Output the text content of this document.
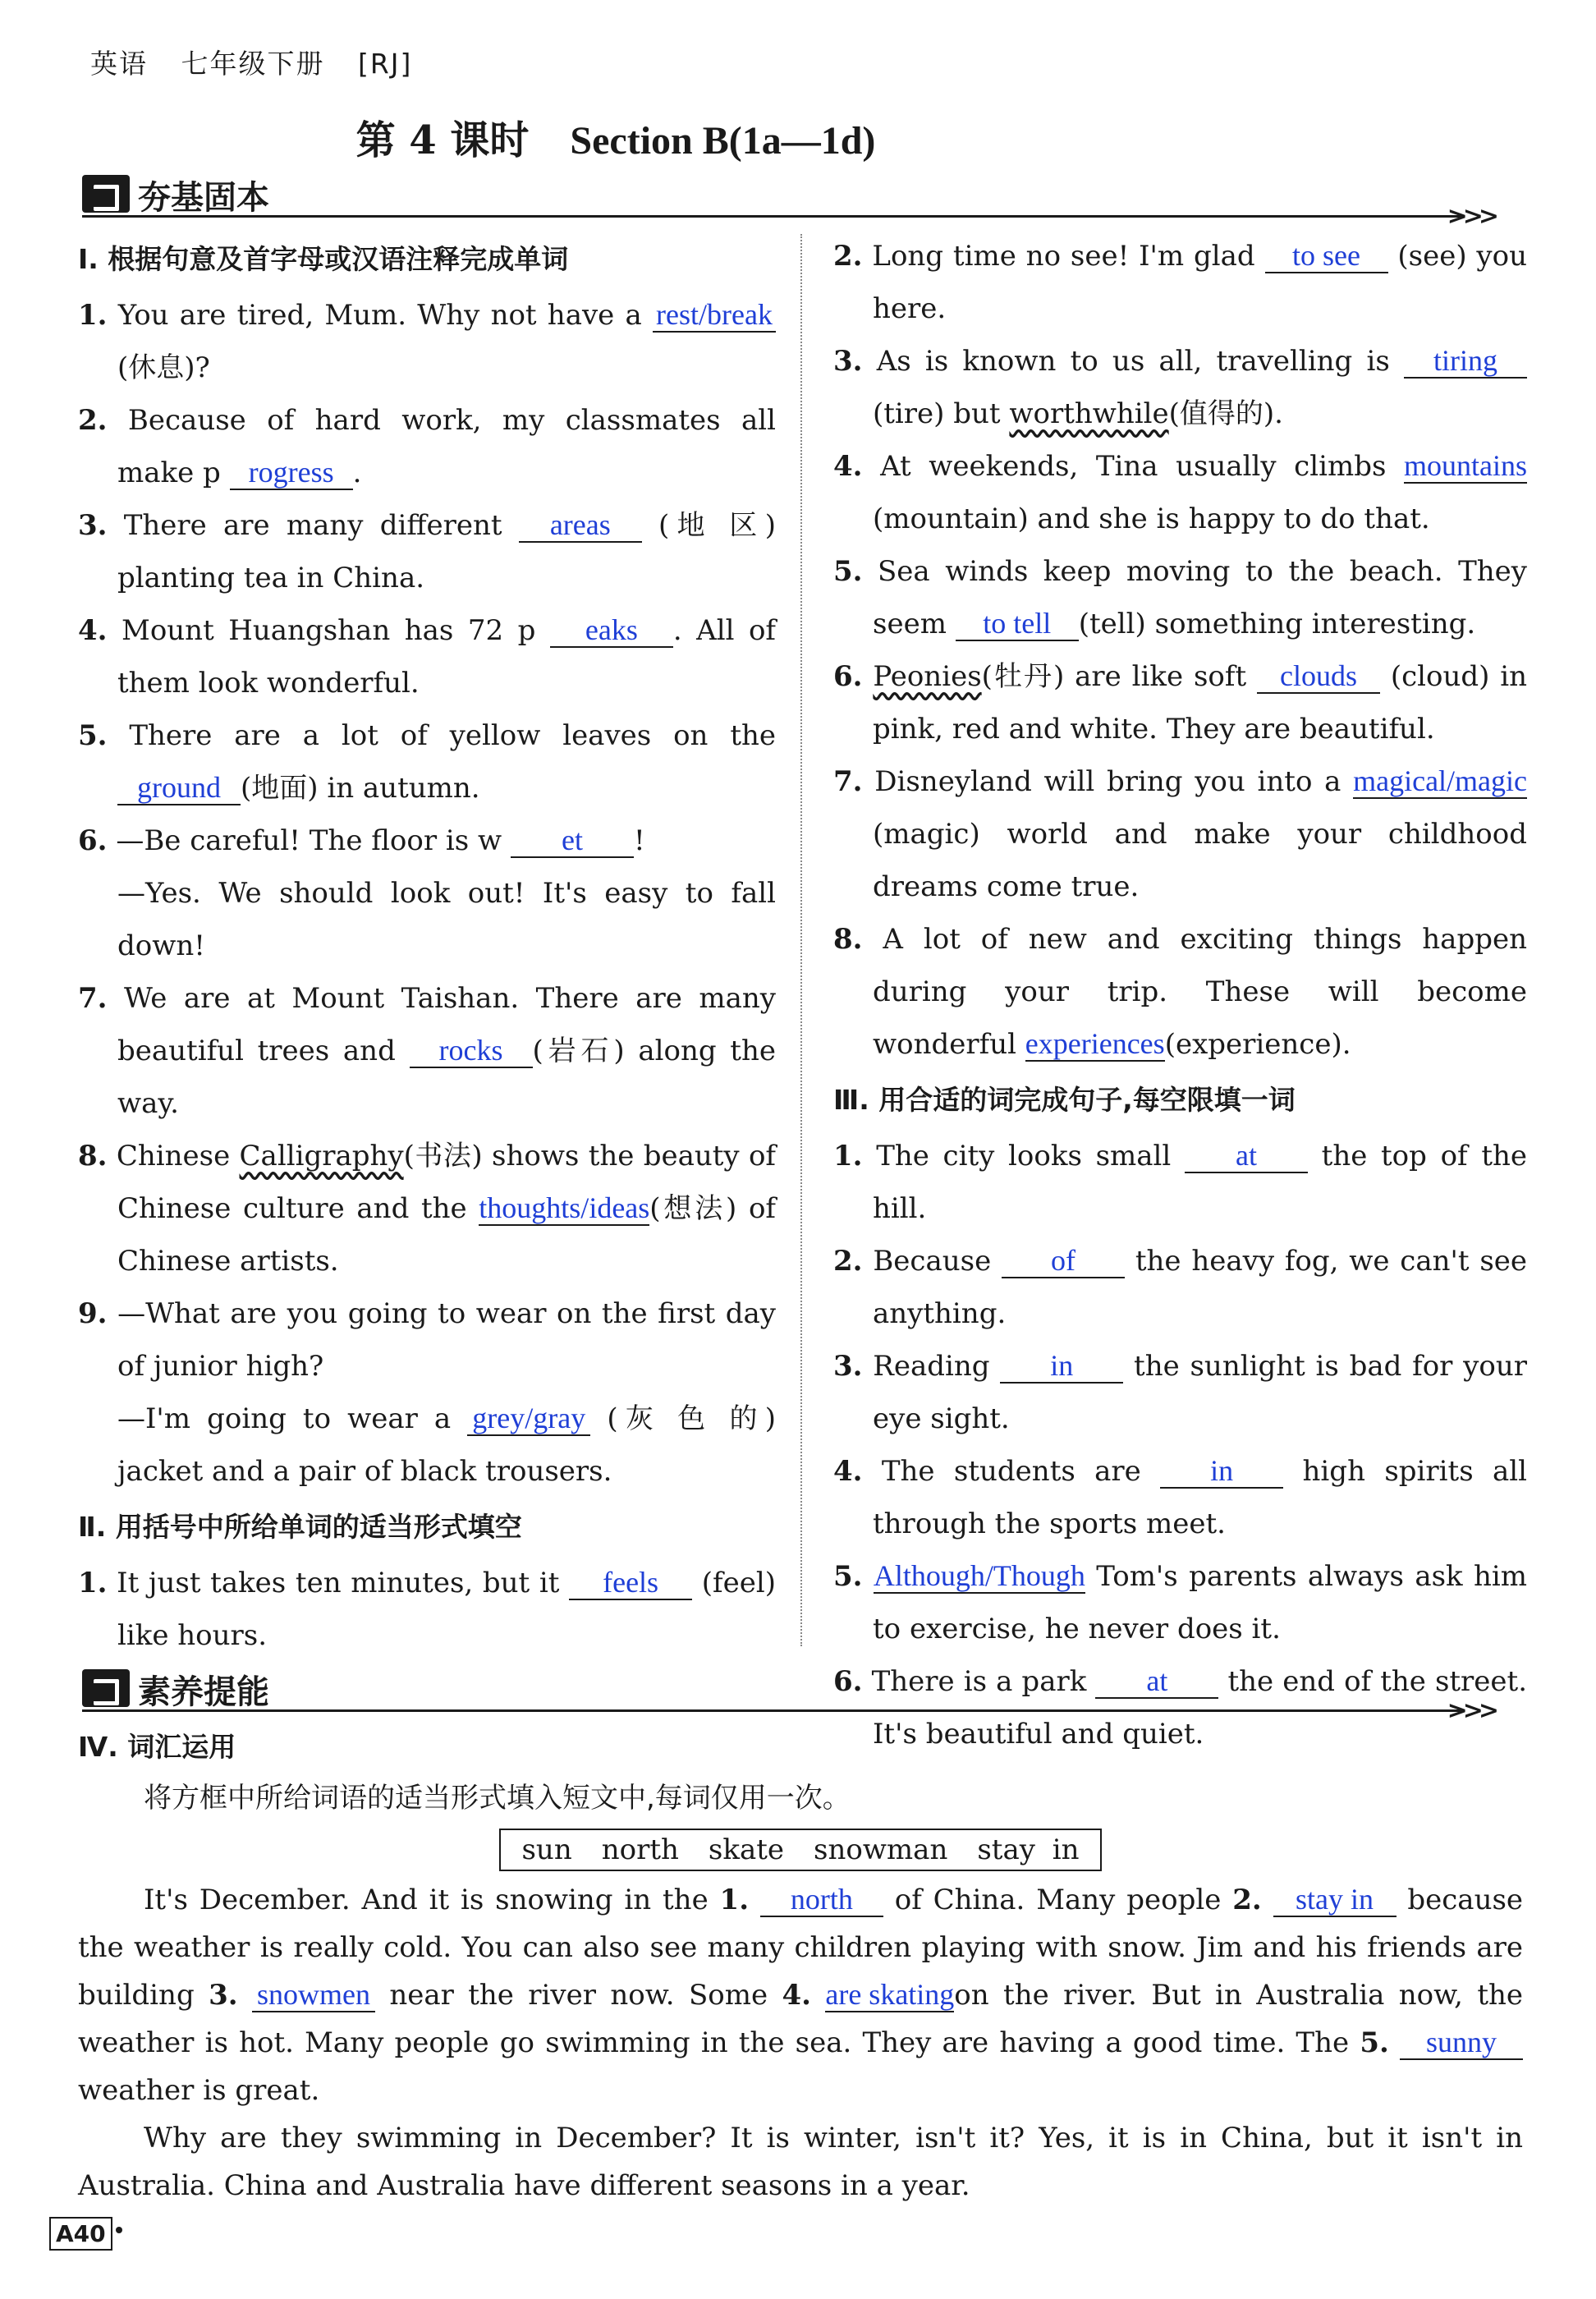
英语 七年级下册 [RJ]
第 4 课时 Section B(1a—1d)
夯基固本	>>>
Ⅰ. 根据句意及首字母或汉语注释完成单词
1. You are tired, Mum. Why not have a rest/break(休息)?
2. Because of hard work, my classmates all make p rogress .
3. There are many different areas (地 区) planting tea in China.
4. Mount Huangshan has 72 p eaks . All of them look wonderful.
5. There are a lot of yellow leaves on the ground (地面) in autumn.
6. —Be careful! The floor is w et !
—Yes. We should look out! It's easy to fall down!
7. We are at Mount Taishan. There are many beautiful trees and rocks (岩石) along the way.
8. Chinese Calligraphy(书法) shows the beauty of Chinese culture and the thoughts/ideas(想法) of Chinese artists.
9. —What are you going to wear on the first day of junior high?
—I'm going to wear a grey/gray (灰 色 的) jacket and a pair of black trousers.
Ⅱ. 用括号中所给单词的适当形式填空
1. It just takes ten minutes, but it feels (feel) like hours.
2. Long time no see! I'm glad to see (see) you here.
3. As is known to us all, travelling is tiring (tire) but worthwhile(值得的).
4. At weekends, Tina usually climbs mountains (mountain) and she is happy to do that.
5. Sea winds keep moving to the beach. They seem to tell (tell) something interesting.
6. Peonies(牡丹) are like soft clouds (cloud) in pink, red and white. They are beautiful.
7. Disneyland will bring you into a magical/magic (magic) world and make your childhood dreams come true.
8. A lot of new and exciting things happen during your trip. These will become wonderful experiences(experience).
Ⅲ. 用合适的词完成句子,每空限填一词
1. The city looks small at the top of the hill.
2. Because of the heavy fog, we can't see anything.
3. Reading in the sunlight is bad for your eye sight.
4. The students are in high spirits all through the sports meet.
5. Although/Though Tom's parents always ask him to exercise, he never does it.
6. There is a park at the end of the street. It's beautiful and quiet.
素养提能	>>>
Ⅳ. 词汇运用
将方框中所给词语的适当形式填入短文中,每词仅用一次。
sun north skate snowman stay in

It's December. And it is snowing in the 1. north of China. Many people 2. stay in because the weather is really cold. You can also see many children playing with snow. Jim and his friends are building 3. snowmen near the river now. Some 4. are skatingon the river. But in Australia now, the weather is hot. Many people go swimming in the sea. They are having a good time. The 5. sunny weather is great.

Why are they swimming in December? It is winter, isn't it? Yes, it is in China, but it isn't in Australia. China and Australia have different seasons in a year.

A40
